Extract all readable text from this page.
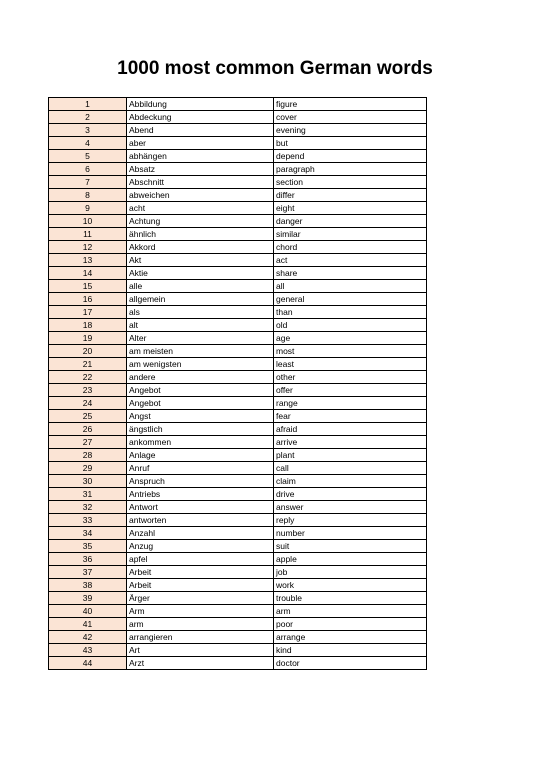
1000 most common German words
1	Abbildung	figure
2	Abdeckung	cover
3	Abend	evening
4	aber	but
5	abhängen	depend
6	Absatz	paragraph
7	Abschnitt	section
8	abweichen	differ
9	acht	eight
10	Achtung	danger
11	ähnlich	similar
12	Akkord	chord
13	Akt	act
14	Aktie	share
15	alle	all
16	allgemein	general
17	als	than
18	alt	old
19	Alter	age
20	am meisten	most
21	am wenigsten	least
22	andere	other
23	Angebot	offer
24	Angebot	range
25	Angst	fear
26	ängstlich	afraid
27	ankommen	arrive
28	Anlage	plant
29	Anruf	call
30	Anspruch	claim
31	Antriebs	drive
32	Antwort	answer
33	antworten	reply
34	Anzahl	number
35	Anzug	suit
36	apfel	apple
37	Arbeit	job
38	Arbeit	work
39	Ärger	trouble
40	Arm	arm
41	arm	poor
42	arrangieren	arrange
43	Art	kind
44	Arzt	doctor
